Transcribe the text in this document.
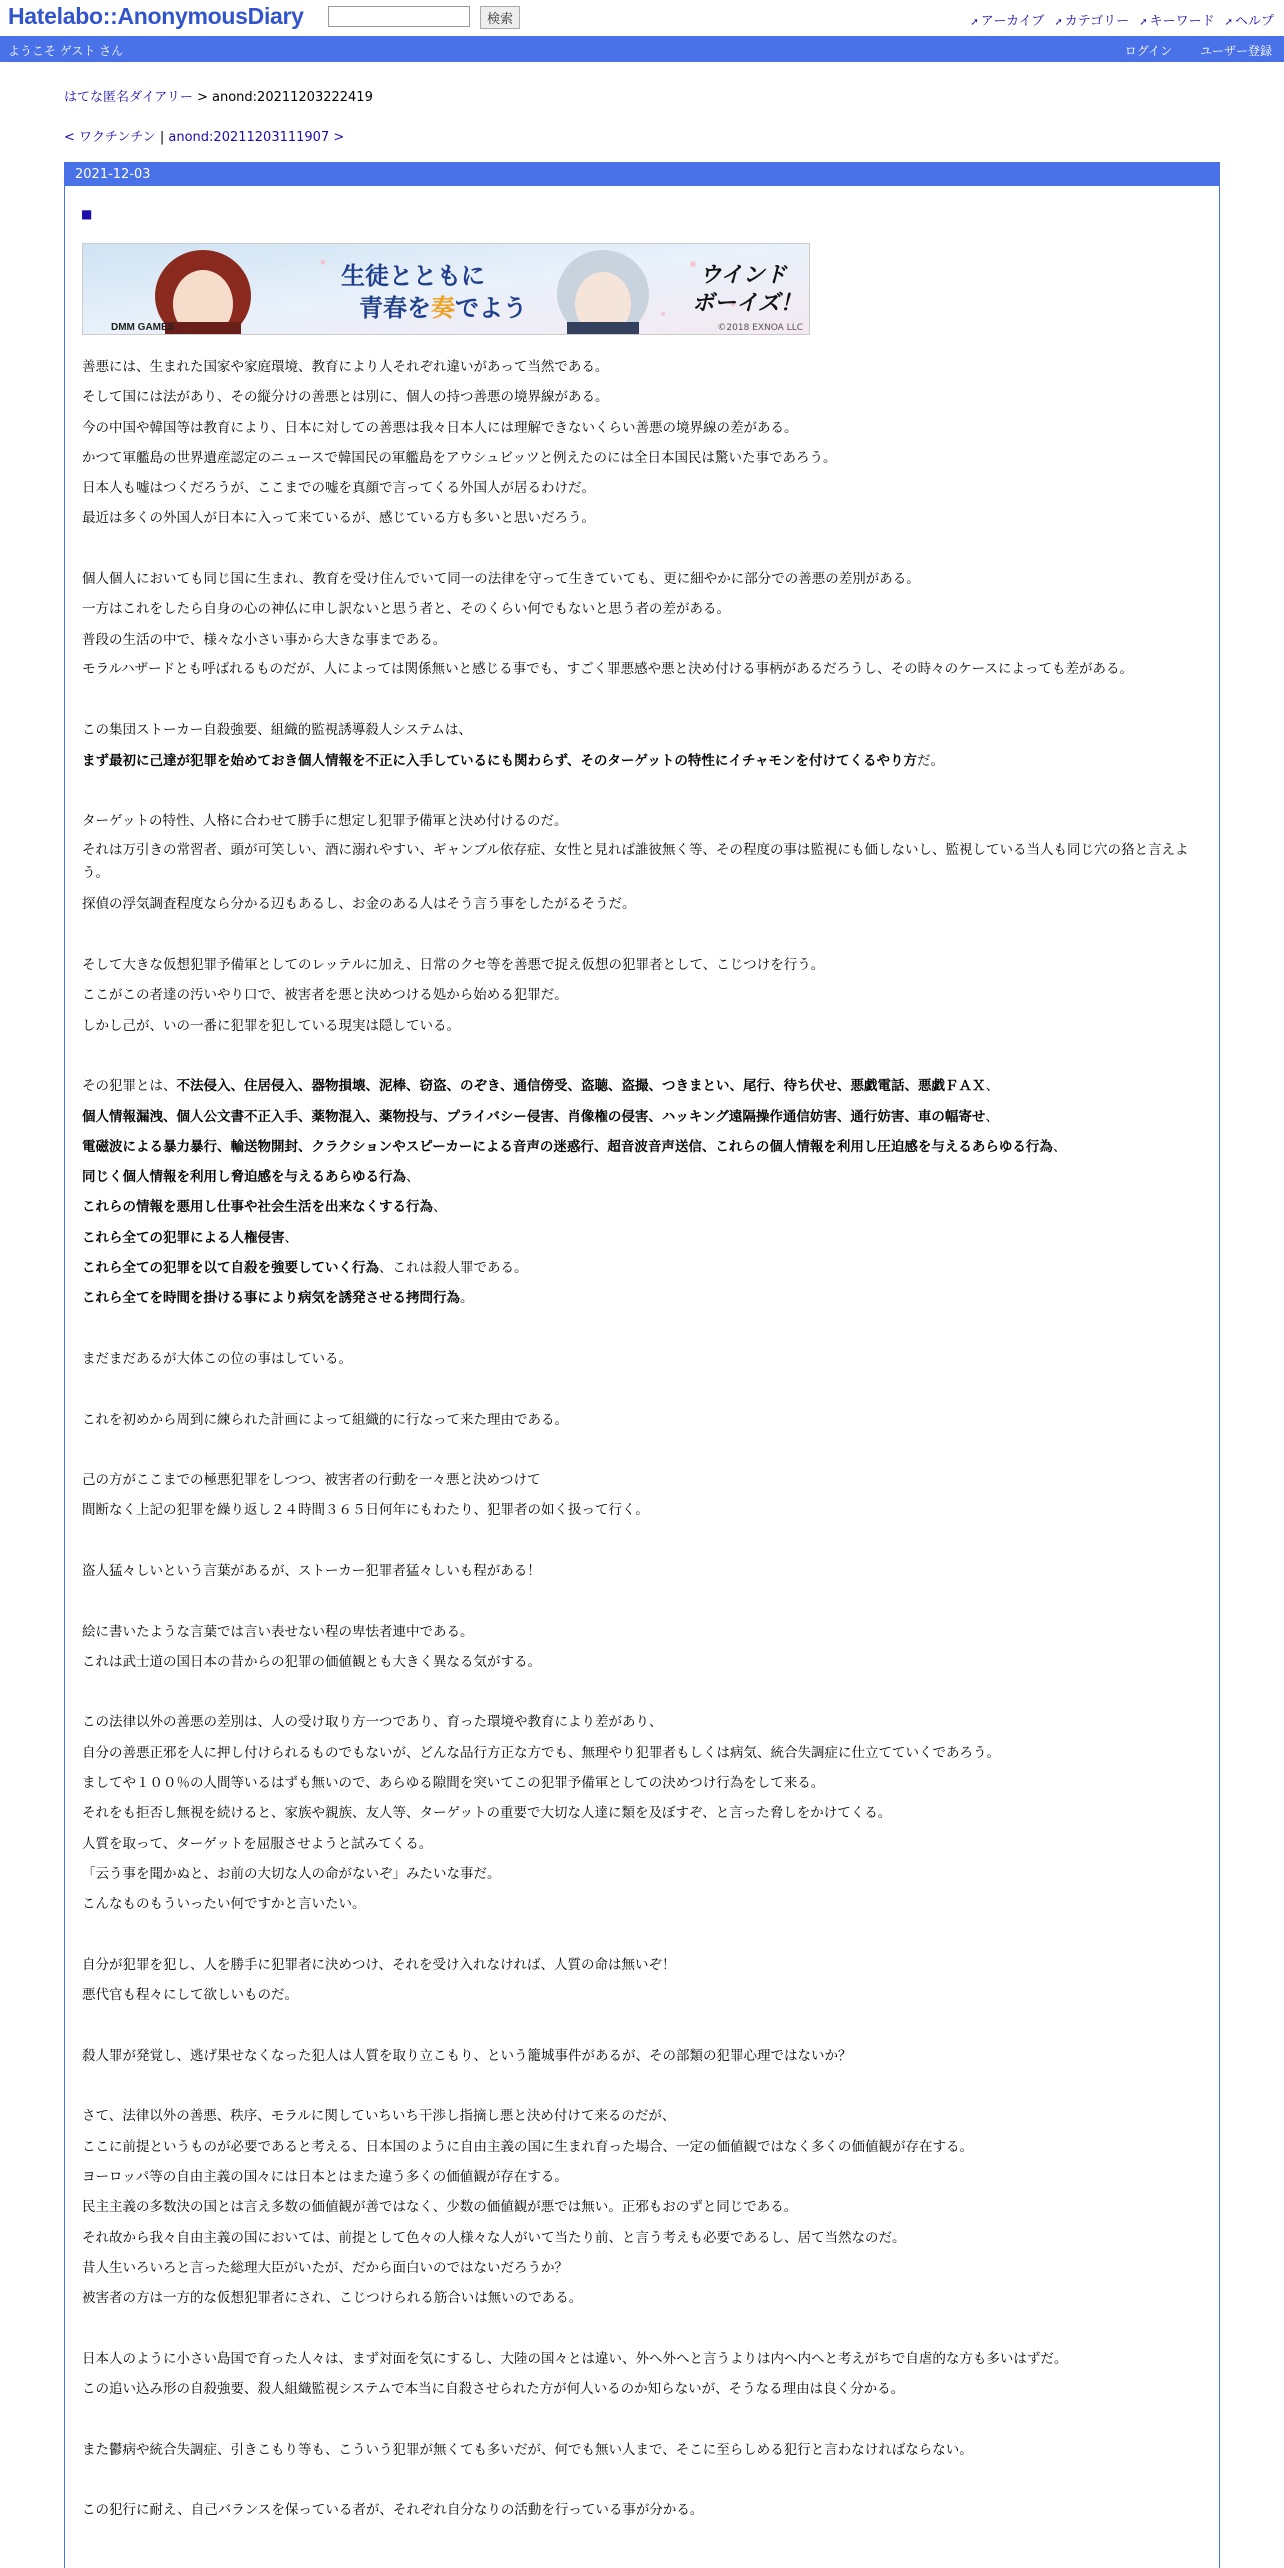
Hatelabo::AnonymousDiary	検索	➚ アーカイブ ➚ カテゴリー ➚ キーワード ➚ ヘルプ
ようこそ ゲスト さん	ログイン ユーザー登録
はてな匿名ダイアリー > anond:20211203222419
< ワクチンチン | anond:20211203111907 >
2021-12-03
■
DMM GAMES
生徒とともに
青春を奏でよう
ウインド
ボーイズ！
©2018 EXNOA LLC

善悪には、生まれた国家や家庭環境、教育により人それぞれ違いがあって当然である。

そして国には法があり、その縦分けの善悪とは別に、個人の持つ善悪の境界線がある。

今の中国や韓国等は教育により、日本に対しての善悪は我々日本人には理解できないくらい善悪の境界線の差がある。

かつて軍艦島の世界遺産認定のニュースで韓国民の軍艦島をアウシュビッツと例えたのには全日本国民は驚いた事であろう。

日本人も嘘はつくだろうが、ここまでの嘘を真顔で言ってくる外国人が居るわけだ。

最近は多くの外国人が日本に入って来ているが、感じている方も多いと思いだろう。

個人個人においても同じ国に生まれ、教育を受け住んでいて同一の法律を守って生きていても、更に細やかに部分での善悪の差別がある。

一方はこれをしたら自身の心の神仏に申し訳ないと思う者と、そのくらい何でもないと思う者の差がある。

普段の生活の中で、様々な小さい事から大きな事まである。

モラルハザードとも呼ばれるものだが、人によっては関係無いと感じる事でも、すごく罪悪感や悪と決め付ける事柄があるだろうし、その時々のケースによっても差がある。

この集団ストーカー自殺強要、組織的監視誘導殺人システムは、

まず最初に己達が犯罪を始めておき個人情報を不正に入手しているにも関わらず、そのターゲットの特性にイチャモンを付けてくるやり方だ。

ターゲットの特性、人格に合わせて勝手に想定し犯罪予備軍と決め付けるのだ。

それは万引きの常習者、頭が可笑しい、酒に溺れやすい、ギャンブル依存症、女性と見れば誰彼無く等、その程度の事は監視にも価しないし、監視している当人も同じ穴の狢と言えよう。

探偵の浮気調査程度なら分かる辺もあるし、お金のある人はそう言う事をしたがるそうだ。

そして大きな仮想犯罪予備軍としてのレッテルに加え、日常のクセ等を善悪で捉え仮想の犯罪者として、こじつけを行う。

ここがこの者達の汚いやり口で、被害者を悪と決めつける処から始める犯罪だ。

しかし己が、いの一番に犯罪を犯している現実は隠している。

その犯罪とは、不法侵入、住居侵入、器物損壊、泥棒、窃盗、のぞき、通信傍受、盗聴、盗撮、つきまとい、尾行、待ち伏せ、悪戯電話、悪戯ＦＡＸ、

個人情報漏洩、個人公文書不正入手、薬物混入、薬物投与、プライバシー侵害、肖像権の侵害、ハッキング遠隔操作通信妨害、通行妨害、車の幅寄せ、

電磁波による暴力暴行、輸送物開封、クラクションやスピーカーによる音声の迷惑行、超音波音声送信、これらの個人情報を利用し圧迫感を与えるあらゆる行為、

同じく個人情報を利用し脅迫感を与えるあらゆる行為、

これらの情報を悪用し仕事や社会生活を出来なくする行為、

これら全ての犯罪による人権侵害、

これら全ての犯罪を以て自殺を強要していく行為、これは殺人罪である。

これら全てを時間を掛ける事により病気を誘発させる拷問行為。

まだまだあるが大体この位の事はしている。

これを初めから周到に練られた計画によって組織的に行なって来た理由である。

己の方がここまでの極悪犯罪をしつつ、被害者の行動を一々悪と決めつけて

間断なく上記の犯罪を繰り返し２４時間３６５日何年にもわたり、犯罪者の如く扱って行く。

盗人猛々しいという言葉があるが、ストーカー犯罪者猛々しいも程がある！

絵に書いたような言葉では言い表せない程の卑怯者連中である。

これは武士道の国日本の昔からの犯罪の価値観とも大きく異なる気がする。

この法律以外の善悪の差別は、人の受け取り方一つであり、育った環境や教育により差があり、

自分の善悪正邪を人に押し付けられるものでもないが、どんな品行方正な方でも、無理やり犯罪者もしくは病気、統合失調症に仕立てていくであろう。

ましてや１００％の人間等いるはずも無いので、あらゆる隙間を突いてこの犯罪予備軍としての決めつけ行為をして来る。

それをも拒否し無視を続けると、家族や親族、友人等、ターゲットの重要で大切な人達に類を及ぼすぞ、と言った脅しをかけてくる。

人質を取って、ターゲットを屈服させようと試みてくる。

「云う事を聞かぬと、お前の大切な人の命がないぞ」みたいな事だ。

こんなものもういったい何ですかと言いたい。

自分が犯罪を犯し、人を勝手に犯罪者に決めつけ、それを受け入れなければ、人質の命は無いぞ！

悪代官も程々にして欲しいものだ。

殺人罪が発覚し、逃げ果せなくなった犯人は人質を取り立こもり、という籠城事件があるが、その部類の犯罪心理ではないか？

さて、法律以外の善悪、秩序、モラルに関していちいち干渉し指摘し悪と決め付けて来るのだが、

ここに前提というものが必要であると考える、日本国のように自由主義の国に生まれ育った場合、一定の価値観ではなく多くの価値観が存在する。

ヨーロッパ等の自由主義の国々には日本とはまた違う多くの価値観が存在する。

民主主義の多数決の国とは言え多数の価値観が善ではなく、少数の価値観が悪では無い。正邪もおのずと同じである。

それ故から我々自由主義の国においては、前提として色々の人様々な人がいて当たり前、と言う考えも必要であるし、居て当然なのだ。

昔人生いろいろと言った総理大臣がいたが、だから面白いのではないだろうか？

被害者の方は一方的な仮想犯罪者にされ、こじつけられる筋合いは無いのである。

日本人のように小さい島国で育った人々は、まず対面を気にするし、大陸の国々とは違い、外へ外へと言うよりは内へ内へと考えがちで自虐的な方も多いはずだ。

この追い込み形の自殺強要、殺人組織監視システムで本当に自殺させられた方が何人いるのか知らないが、そうなる理由は良く分かる。

また鬱病や統合失調症、引きこもり等も、こういう犯罪が無くても多いだが、何でも無い人まで、そこに至らしめる犯行と言わなければならない。

この犯行に耐え、自己バランスを保っている者が、それぞれ自分なりの活動を行っている事が分かる。
